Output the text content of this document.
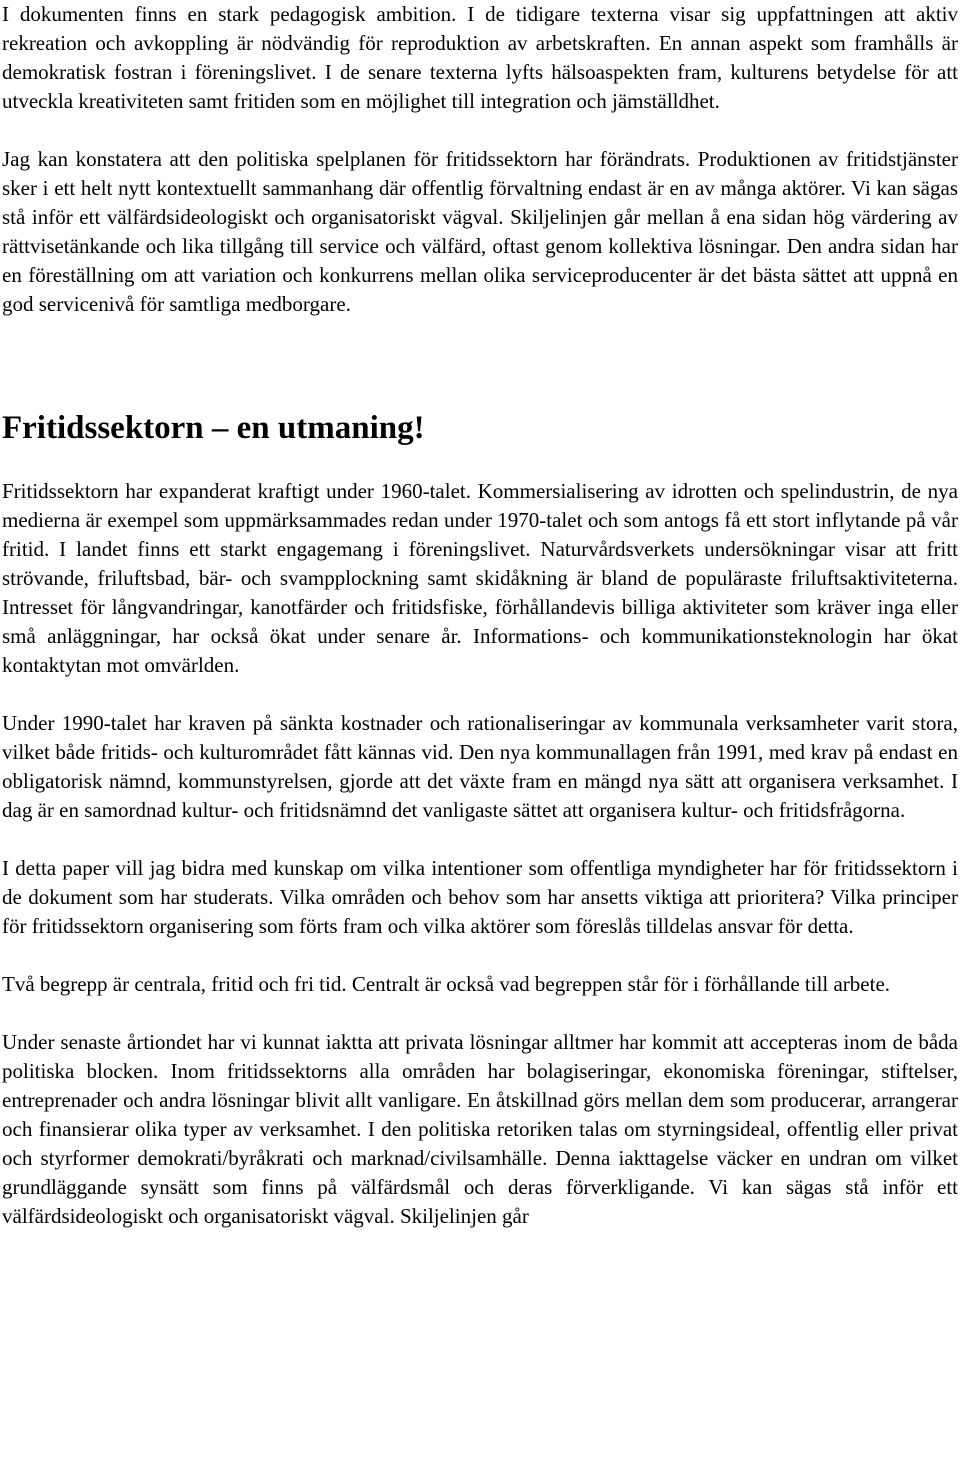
I dokumenten finns en stark pedagogisk ambition. I de tidigare texterna visar sig uppfattningen att aktiv rekreation och avkoppling är nödvändig för reproduktion av arbetskraften. En annan aspekt som framhålls är demokratisk fostran i föreningslivet. I de senare texterna lyfts hälsoaspekten fram, kulturens betydelse för att utveckla kreativiteten samt fritiden som en möjlighet till integration och jämställdhet.

Jag kan konstatera att den politiska spelplanen för fritidssektorn har förändrats. Produktionen av fritidstjänster sker i ett helt nytt kontextuellt sammanhang där offentlig förvaltning endast är en av många aktörer. Vi kan sägas stå inför ett välfärdsideologiskt och organisatoriskt vägval. Skiljelinjen går mellan å ena sidan hög värdering av rättvisetänkande och lika tillgång till service och välfärd, oftast genom kollektiva lösningar. Den andra sidan har en föreställning om att variation och konkurrens mellan olika serviceproducenter är det bästa sättet att uppnå en god servicenivå för samtliga medborgare.

Fritidssektorn – en utmaning!

Fritidssektorn har expanderat kraftigt under 1960-talet. Kommersialisering av idrotten och spelindustrin, de nya medierna är exempel som uppmärksammades redan under 1970-talet och som antogs få ett stort inflytande på vår fritid. I landet finns ett starkt engagemang i föreningslivet. Naturvårdsverkets undersökningar visar att fritt strövande, friluftsbad, bär- och svampplockning samt skidåkning är bland de populäraste friluftsaktiviteterna. Intresset för långvandringar, kanotfärder och fritidsfiske, förhållandevis billiga aktiviteter som kräver inga eller små anläggningar, har också ökat under senare år. Informations- och kommunikationsteknologin har ökat kontaktytan mot omvärlden.

Under 1990-talet har kraven på sänkta kostnader och rationaliseringar av kommunala verksamheter varit stora, vilket både fritids- och kulturområdet fått kännas vid. Den nya kommunallagen från 1991, med krav på endast en obligatorisk nämnd, kommunstyrelsen, gjorde att det växte fram en mängd nya sätt att organisera verksamhet. I dag är en samordnad kultur- och fritidsnämnd det vanligaste sättet att organisera kultur- och fritidsfrågorna.

I detta paper vill jag bidra med kunskap om vilka intentioner som offentliga myndigheter har för fritidssektorn i de dokument som har studerats. Vilka områden och behov som har ansetts viktiga att prioritera? Vilka principer för fritidssektorn organisering som förts fram och vilka aktörer som föreslås tilldelas ansvar för detta.

Två begrepp är centrala, fritid och fri tid. Centralt är också vad begreppen står för i förhållande till arbete.

Under senaste årtiondet har vi kunnat iaktta att privata lösningar alltmer har kommit att accepteras inom de båda politiska blocken. Inom fritidssektorns alla områden har bolagiseringar, ekonomiska föreningar, stiftelser, entreprenader och andra lösningar blivit allt vanligare. En åtskillnad görs mellan dem som producerar, arrangerar och finansierar olika typer av verksamhet. I den politiska retoriken talas om styrningsideal, offentlig eller privat och styrformer demokrati/byråkrati och marknad/civilsamhälle. Denna iakttagelse väcker en undran om vilket grundläggande synsätt som finns på välfärdsmål och deras förverkligande. Vi kan sägas stå inför ett välfärdsideologiskt och organisatoriskt vägval. Skiljelinjen går
